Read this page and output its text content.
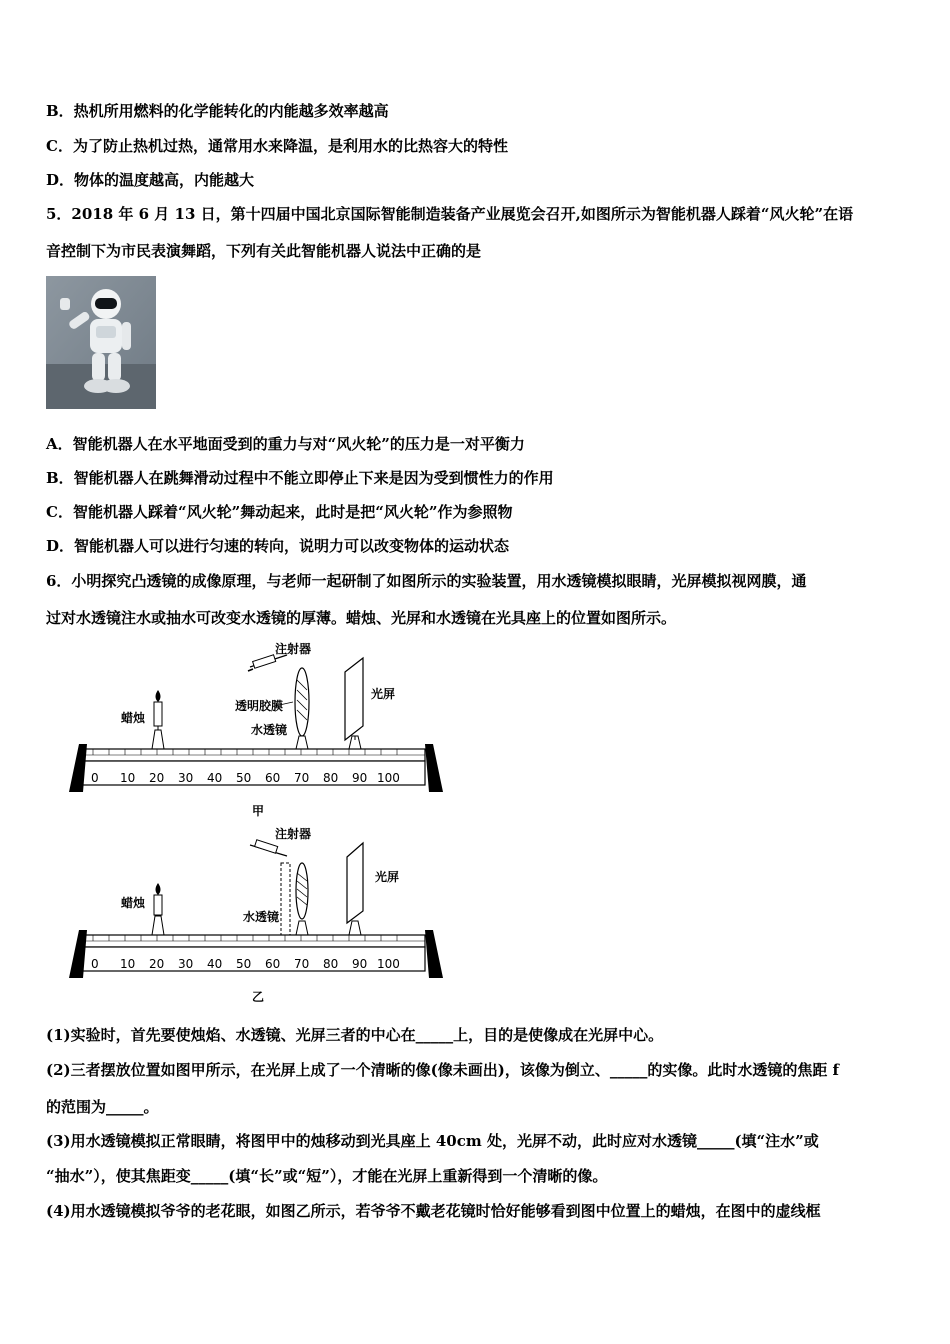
B．热机所用燃料的化学能转化的内能越多效率越高
C．为了防止热机过热，通常用水来降温，是利用水的比热容大的特性
D．物体的温度越高，内能越大
5．2018 年 6 月 13 日，第十四届中国北京国际智能制造装备产业展览会召开,如图所示为智能机器人踩着“风火轮”在语
音控制下为市民表演舞蹈，下列有关此智能机器人说法中正确的是
A．智能机器人在水平地面受到的重力与对“风火轮”的压力是一对平衡力
B．智能机器人在跳舞滑动过程中不能立即停止下来是因为受到惯性力的作用
C．智能机器人踩着“风火轮”舞动起来，此时是把“风火轮”作为参照物
D．智能机器人可以进行匀速的转向，说明力可以改变物体的运动状态
6．小明探究凸透镜的成像原理，与老师一起研制了如图所示的实验装置，用水透镜模拟眼睛，光屏模拟视网膜，通
过对水透镜注水或抽水可改变水透镜的厚薄。蜡烛、光屏和水透镜在光具座上的位置如图所示。
注射器
透明胶膜
水透镜
光屏
蜡烛
0 10 20 30 40 50 60 70 80 90 100
甲
注射器
水透镜
光屏
蜡烛
0 10 20 30 40 50 60 70 80 90 100
乙
(1)实验时，首先要使烛焰、水透镜、光屏三者的中心在_____上，目的是使像成在光屏中心。
(2)三者摆放位置如图甲所示，在光屏上成了一个清晰的像(像未画出)，该像为倒立、_____的实像。此时水透镜的焦距 f
的范围为_____。
(3)用水透镜模拟正常眼睛，将图甲中的烛移动到光具座上 40cm 处，光屏不动，此时应对水透镜_____(填“注水”或
“抽水”），使其焦距变_____(填“长”或“短”），才能在光屏上重新得到一个清晰的像。
(4)用水透镜模拟爷爷的老花眼，如图乙所示，若爷爷不戴老花镜时恰好能够看到图中位置上的蜡烛，在图中的虚线框
